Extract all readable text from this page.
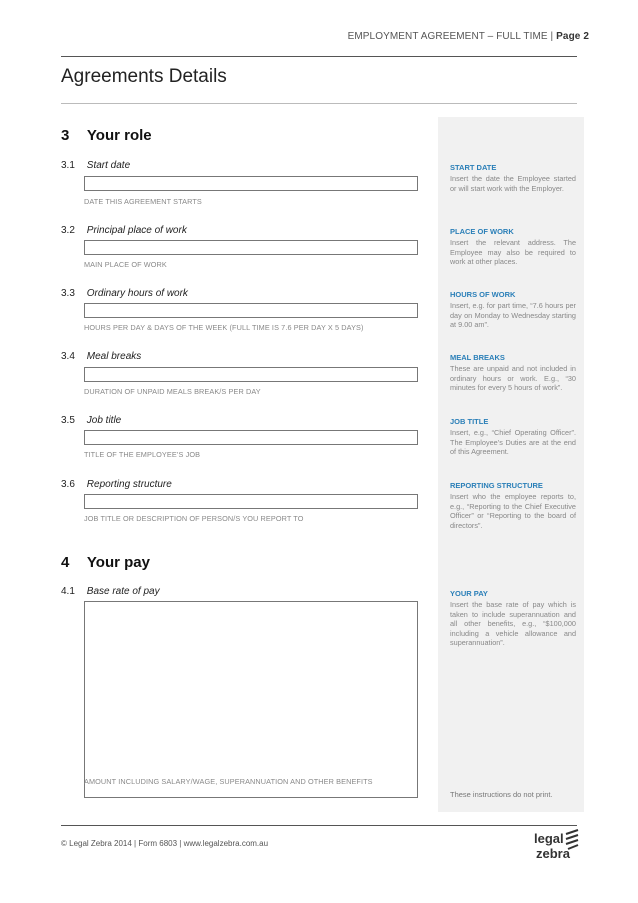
EMPLOYMENT AGREEMENT – FULL TIME | Page 2
Agreements Details
3 Your role
3.1 Start date
DATE THIS AGREEMENT STARTS
START DATE
Insert the date the Employee started or will start work with the Employer.
3.2 Principal place of work
MAIN PLACE OF WORK
PLACE OF WORK
Insert the relevant address. The Employee may also be required to work at other places.
3.3 Ordinary hours of work
HOURS PER DAY & DAYS OF THE WEEK (FULL TIME IS 7.6 PER DAY X 5 DAYS)
HOURS OF WORK
Insert, e.g. for part time, “7.6 hours per day on Monday to Wednesday starting at 9.00 am”.
3.4 Meal breaks
DURATION OF UNPAID MEALS BREAK/S PER DAY
MEAL BREAKS
These are unpaid and not included in ordinary hours or work. E.g., “30 minutes for every 5 hours of work”.
3.5 Job title
TITLE OF THE EMPLOYEE’S JOB
JOB TITLE
Insert, e.g., “Chief Operating Officer”. The Employee’s Duties are at the end of this Agreement.
3.6 Reporting structure
JOB TITLE OR DESCRIPTION OF PERSON/S YOU REPORT TO
REPORTING STRUCTURE
Insert who the employee reports to, e.g., “Reporting to the Chief Executive Officer” or “Reporting to the board of directors”.
4 Your pay
4.1 Base rate of pay
AMOUNT INCLUDING SALARY/WAGE, SUPERANNUATION AND OTHER BENEFITS
YOUR PAY
Insert the base rate of pay which is taken to include superannuation and all other benefits, e.g., “$100,000 including a vehicle allowance and superannuation”.
These instructions do not print.
© Legal Zebra 2014 | Form 6803 | www.legalzebra.com.au	legal
zebra
